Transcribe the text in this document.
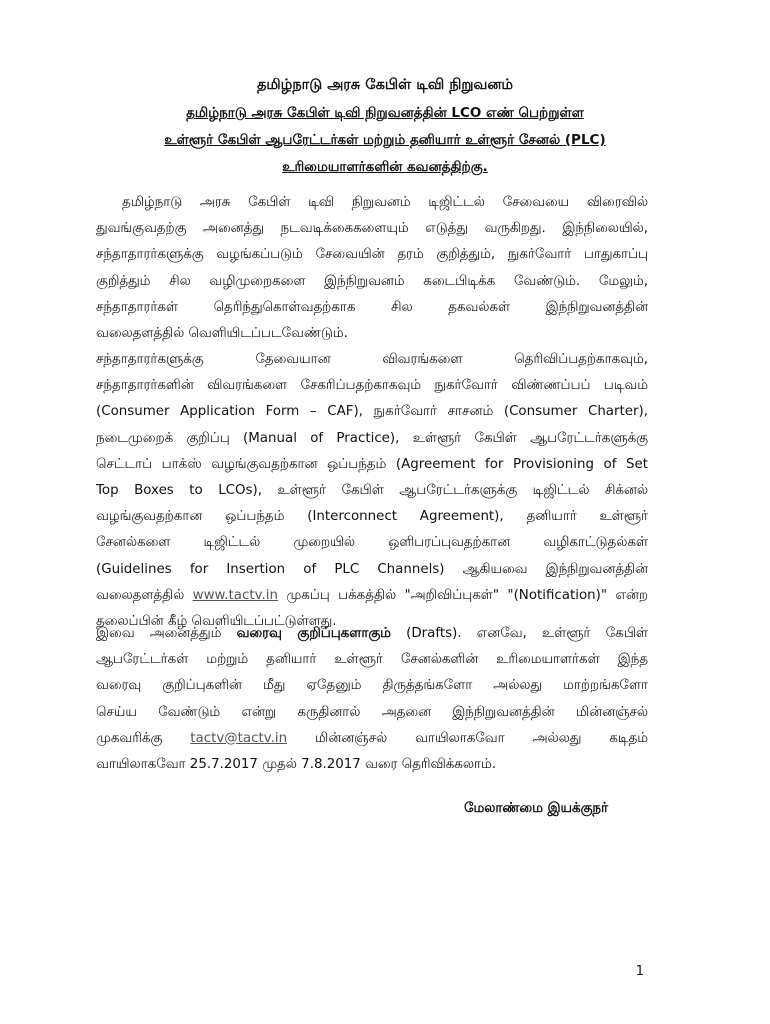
தமிழ்நாடு அரசு கேபிள் டிவி நிறுவனம்
தமிழ்நாடு அரசு கேபிள் டிவி நிறுவனத்தின் LCO எண் பெற்றுள்ள
உள்ளூர் கேபிள் ஆபரேட்டர்கள் மற்றும் தனியார் உள்ளூர் சேனல் (PLC)
உரிமையாளர்களின் கவனத்திற்கு.
தமிழ்நாடு அரசு கேபிள் டிவி நிறுவனம் டிஜிட்டல் சேவையை விரைவில்
துவங்குவதற்கு அனைத்து நடவடிக்கைகளையும் எடுத்து வருகிறது. இந்நிலையில்,
சந்தாதாரர்களுக்கு வழங்கப்படும் சேவையின் தரம் குறித்தும், நுகர்வோர் பாதுகாப்பு
குறித்தும் சில வழிமுறைகளை இந்நிறுவனம் கடைபிடிக்க வேண்டும். மேலும்,
சந்தாதாரர்கள் தெரிந்துகொள்வதற்காக சில தகவல்கள் இந்நிறுவனத்தின்
வலைதளத்தில் வெளியிடப்படவேண்டும்.
சந்தாதாரர்களுக்கு தேவையான விவரங்களை தெரிவிப்பதற்காகவும்,
சந்தாதாரர்களின் விவரங்களை சேகரிப்பதற்காகவும் நுகர்வோர் விண்ணப்பப் படிவம்
(Consumer Application Form – CAF), நுகர்வோர் சாசனம் (Consumer Charter),
நடைமுறைக் குறிப்பு (Manual of Practice), உள்ளூர் கேபிள் ஆபரேட்டர்களுக்கு
செட்டாப் பாக்ஸ் வழங்குவதற்கான ஒப்பந்தம் (Agreement for Provisioning of Set
Top Boxes to LCOs), உள்ளூர் கேபிள் ஆபரேட்டர்களுக்கு டிஜிட்டல் சிக்னல்
வழங்குவதற்கான ஒப்பந்தம் (Interconnect Agreement), தனியார் உள்ளூர்
சேனல்களை டிஜிட்டல் முறையில் ஒளிபரப்புவதற்கான வழிகாட்டுதல்கள்
(Guidelines for Insertion of PLC Channels) ஆகியவை இந்நிறுவனத்தின்
வலைதளத்தில் www.tactv.in முகப்பு பக்கத்தில் "அறிவிப்புகள்" "(Notification)" என்ற
தலைப்பின் கீழ் வெளியிடப்பட்டுள்ளது.
இவை அனைத்தும் வரைவு குறிப்புகளாகும் (Drafts). எனவே, உள்ளூர் கேபிள்
ஆபரேட்டர்கள் மற்றும் தனியார் உள்ளூர் சேனல்களின் உரிமையாளர்கள் இந்த
வரைவு குறிப்புகளின் மீது ஏதேனும் திருத்தங்களோ அல்லது மாற்றங்களோ
செய்ய வேண்டும் என்று கருதினால் அதனை இந்நிறுவனத்தின் மின்னஞ்சல்
முகவரிக்கு tactv@tactv.in மின்னஞ்சல் வாயிலாகவோ அல்லது கடிதம்
வாயிலாகவோ 25.7.2017 முதல் 7.8.2017 வரை தெரிவிக்கலாம்.
மேலாண்மை இயக்குநர்
1
